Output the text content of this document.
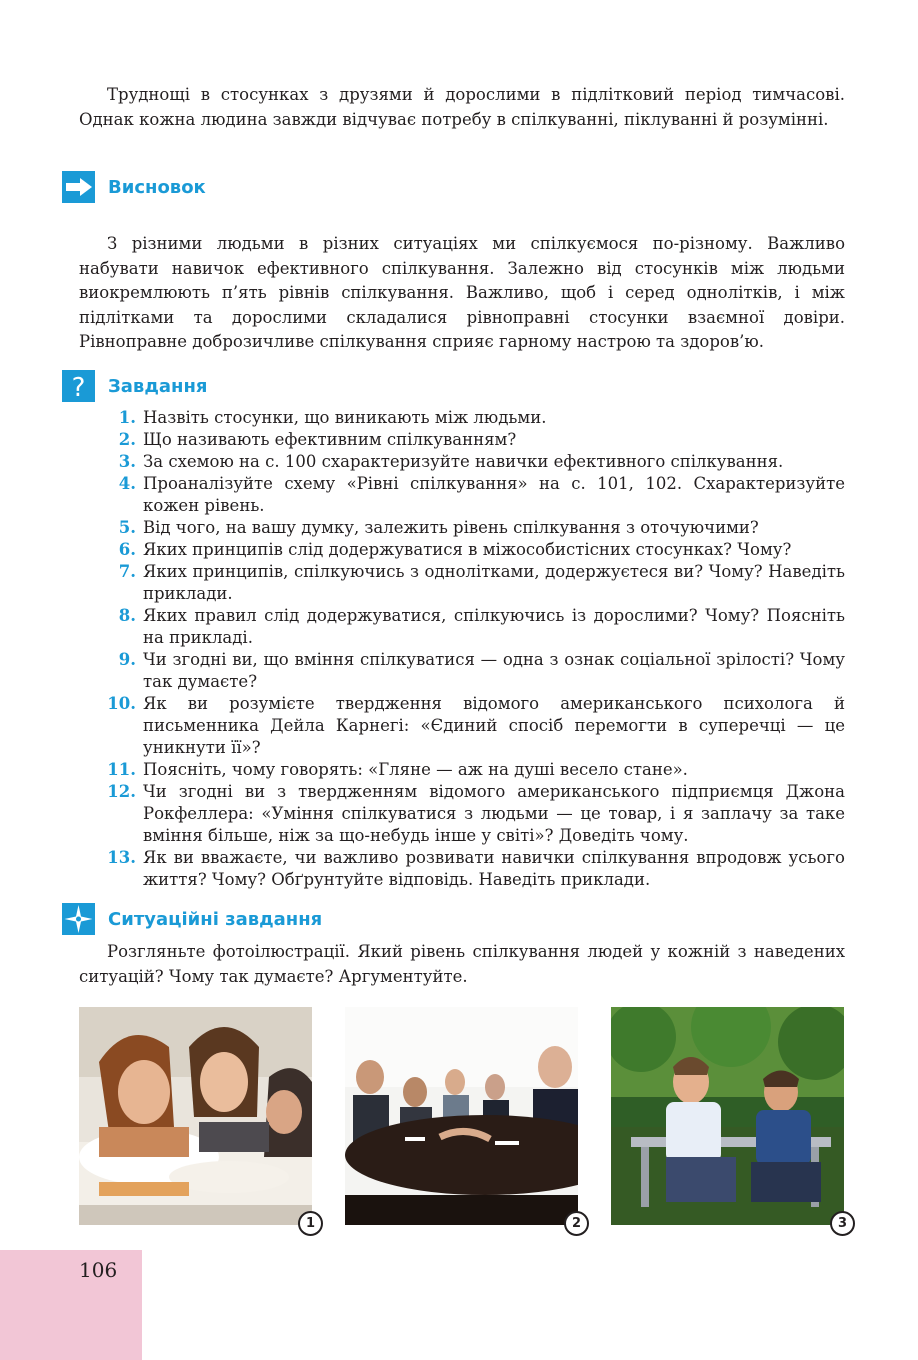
Труднощі в стосунках з друзями й дорослими в підлітковий період тимчасові. Однак кожна людина завжди відчуває потребу в спілкуванні, піклуванні й розумінні.

Висновок

З різними людьми в різних ситуаціях ми спілкуємося по-різному. Важливо набувати навичок ефективного спілкування. Залежно від стосунків між людьми виокремлюють п’ять рівнів спілкування. Важливо, щоб і серед однолітків, і між підлітками та дорослими складалися рівноправні стосунки взаємної довіри. Рівноправне доброзичливе спілкування сприяє гарному настрою та здоров’ю.

? Завдання
1. Назвіть стосунки, що виникають між людьми.
2. Що називають ефективним спілкуванням?
3. За схемою на с. 100 схарактеризуйте навички ефективного спілкування.
4. Проаналізуйте схему «Рівні спілкування» на с. 101, 102. Схарактеризуйте кожен рівень.
5. Від чого, на вашу думку, залежить рівень спілкування з оточуючими?
6. Яких принципів слід додержуватися в міжособистісних стосунках? Чому?
7. Яких принципів, спілкуючись з однолітками, додержуєтеся ви? Чому? Наведіть приклади.
8. Яких правил слід додержуватися, спілкуючись із дорослими? Чому? Поясніть на прикладі.
9. Чи згодні ви, що вміння спілкуватися — одна з ознак соціальної зрілості? Чому так думаєте?
10. Як ви розумієте твердження відомого американського психолога й письменника Дейла Карнегі: «Єдиний спосіб перемогти в суперечці — це уникнути її»?
11. Поясніть, чому говорять: «Гляне — аж на душі весело стане».
12. Чи згодні ви з твердженням відомого американського підприємця Джона Рокфеллера: «Уміння спілкуватися з людьми — це товар, і я заплачу за таке вміння більше, ніж за що-небудь інше у світі»? Доведіть чому.
13. Як ви вважаєте, чи важливо розвивати навички спілкування впродовж усього життя? Чому? Обґрунтуйте відповідь. Наведіть приклади.
Ситуаційні завдання

Розгляньте фотоілюстрації. Який рівень спілкування людей у кожній з наведених ситуацій? Чому так думаєте? Аргументуйте.

1	2	3
106
